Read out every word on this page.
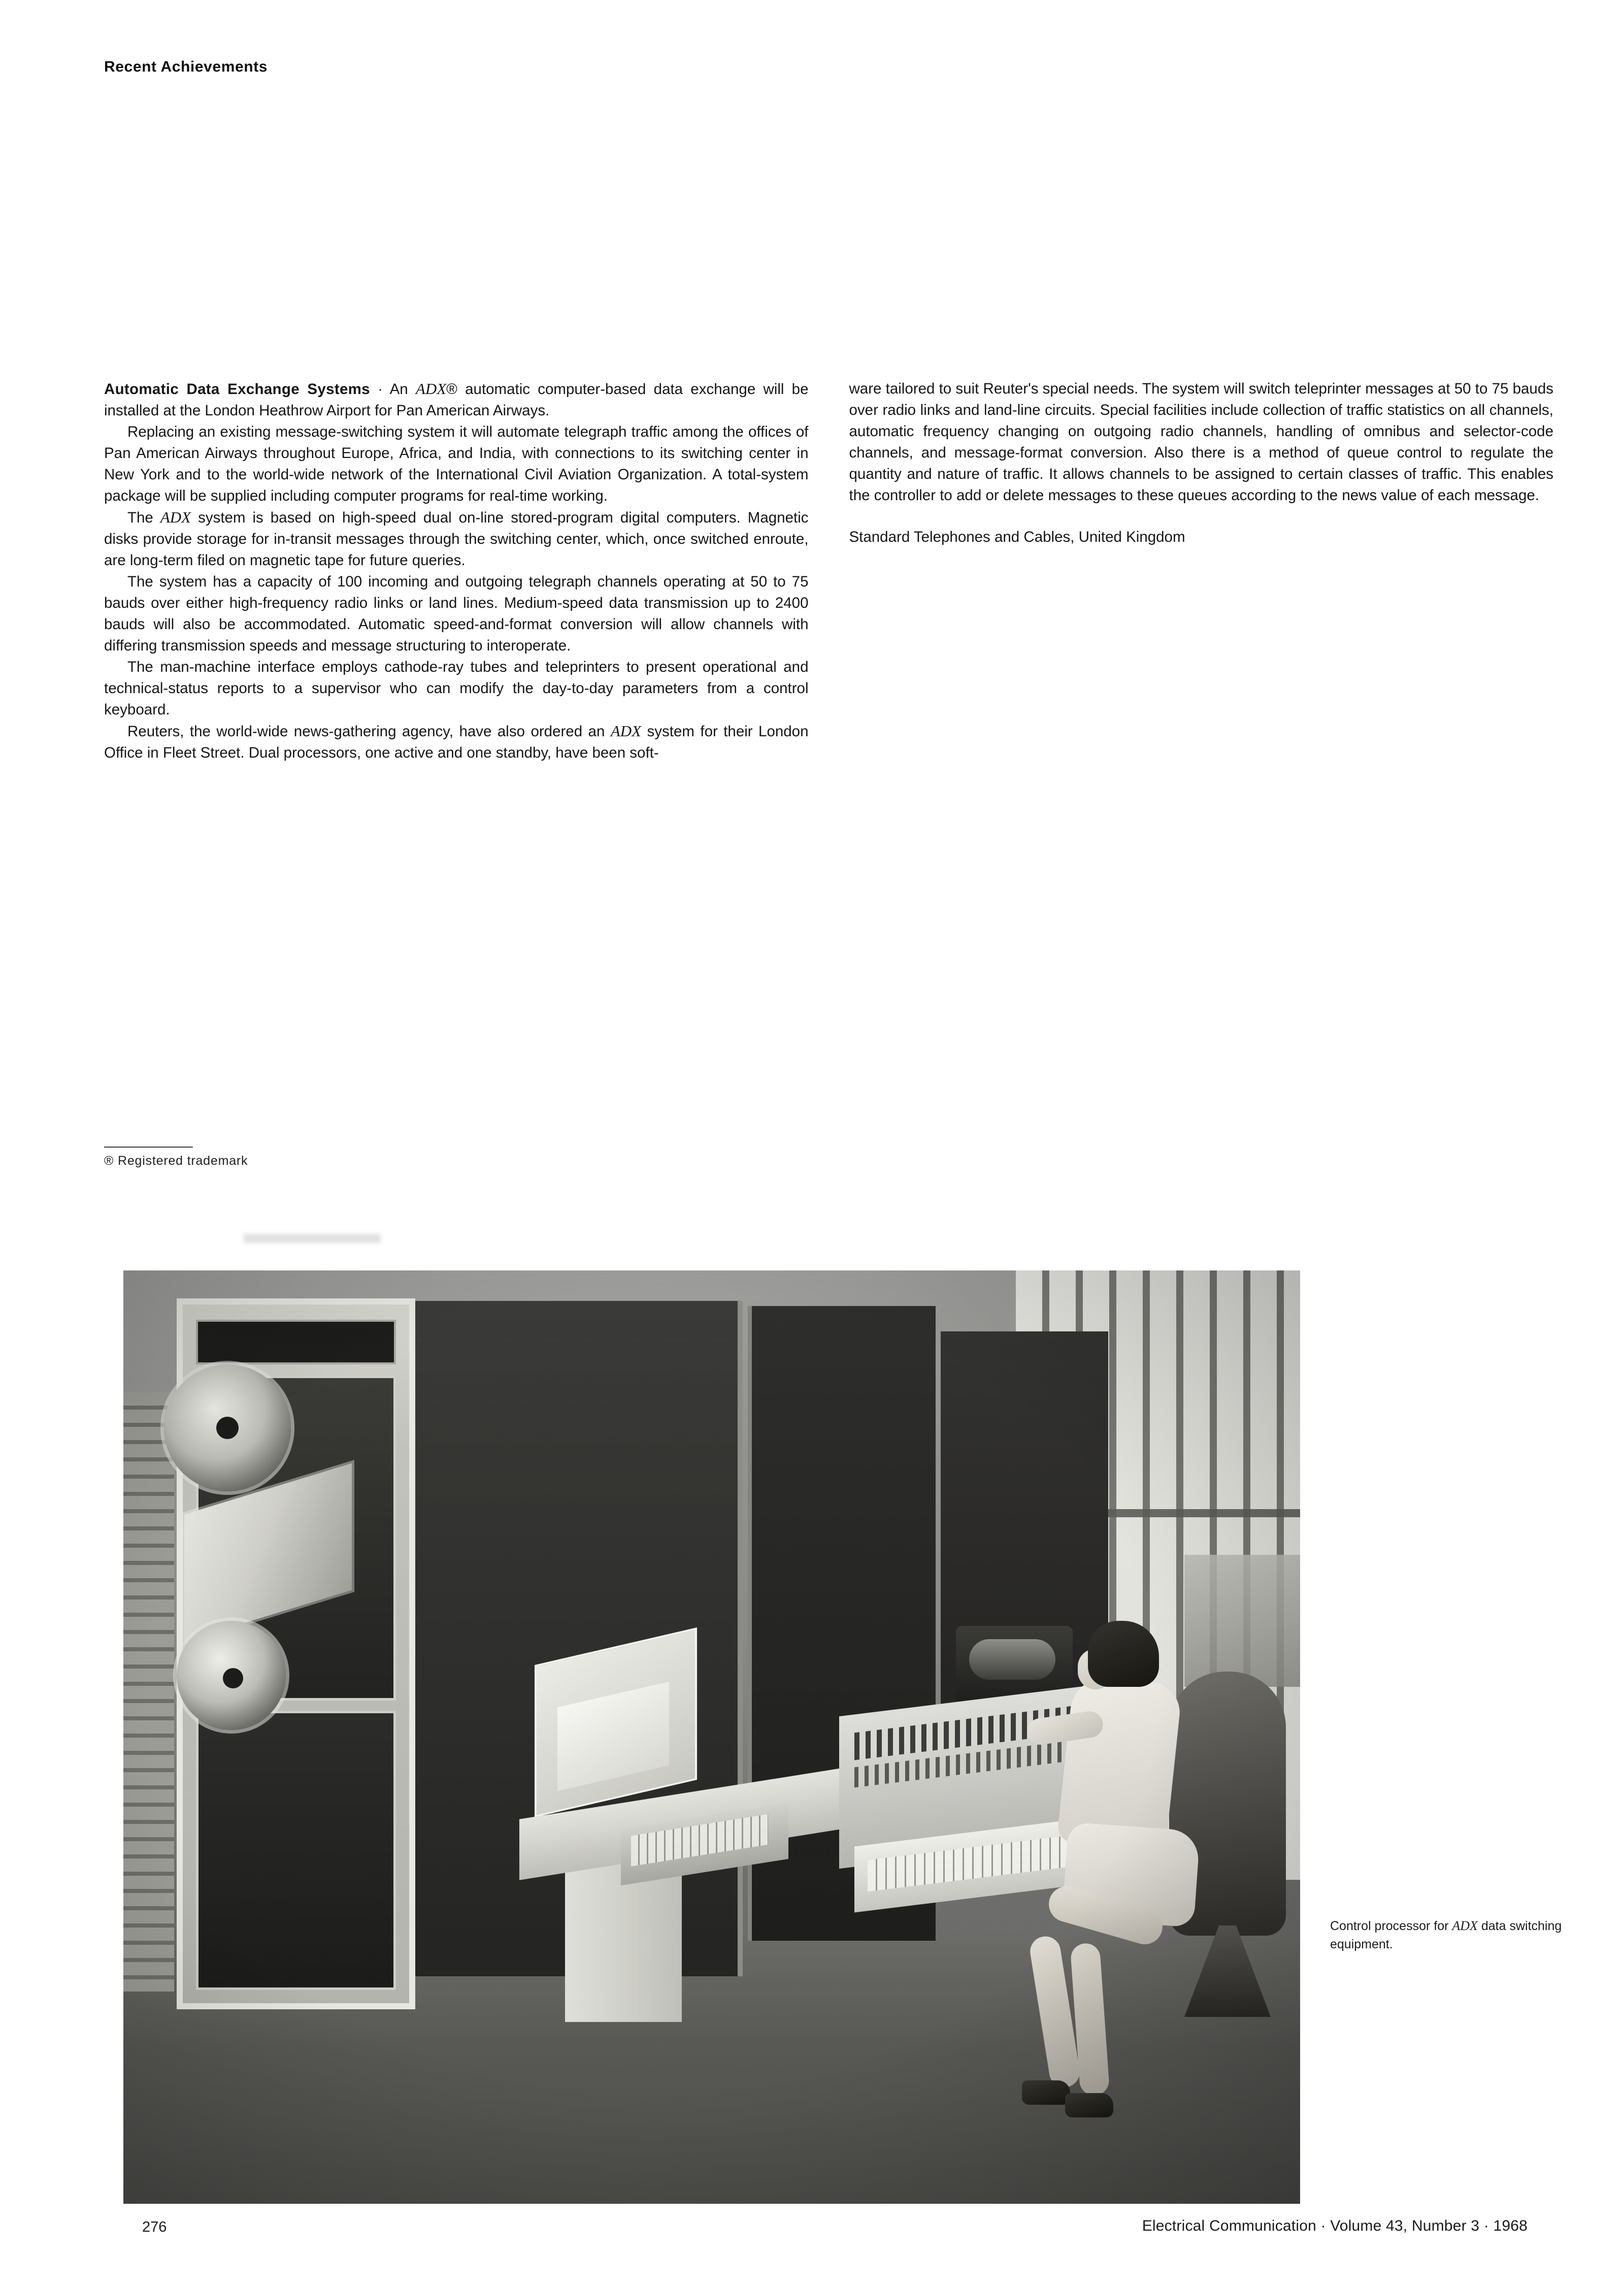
Recent Achievements

Automatic Data Exchange Systems · An ADX® automatic computer-based data exchange will be installed at the London Heathrow Airport for Pan American Airways.

Replacing an existing message-switching system it will automate telegraph traffic among the offices of Pan American Airways throughout Europe, Africa, and India, with connections to its switching center in New York and to the world-wide network of the International Civil Aviation Organization. A total-system package will be supplied including computer programs for real-time working.

The ADX system is based on high-speed dual on-line stored-program digital computers. Magnetic disks provide storage for in-transit messages through the switching center, which, once switched enroute, are long-term filed on magnetic tape for future queries.

The system has a capacity of 100 incoming and outgoing telegraph channels operating at 50 to 75 bauds over either high-frequency radio links or land lines. Medium-speed data transmission up to 2400 bauds will also be accommodated. Automatic speed-and-format conversion will allow channels with differing transmission speeds and message structuring to interoperate.

The man-machine interface employs cathode-ray tubes and teleprinters to present operational and technical-status reports to a supervisor who can modify the day-to-day parameters from a control keyboard.

Reuters, the world-wide news-gathering agency, have also ordered an ADX system for their London Office in Fleet Street. Dual processors, one active and one standby, have been soft-

ware tailored to suit Reuter's special needs. The system will switch teleprinter messages at 50 to 75 bauds over radio links and land-line circuits. Special facilities include collection of traffic statistics on all channels, automatic frequency changing on outgoing radio channels, handling of omnibus and selector-code channels, and message-format conversion. Also there is a method of queue control to regulate the quantity and nature of traffic. It allows channels to be assigned to certain classes of traffic. This enables the controller to add or delete messages to these queues according to the news value of each message.

Standard Telephones and Cables, United Kingdom

® Registered trademark
Control processor for ADX data switching equipment.
276	Electrical Communication · Volume 43, Number 3 · 1968
